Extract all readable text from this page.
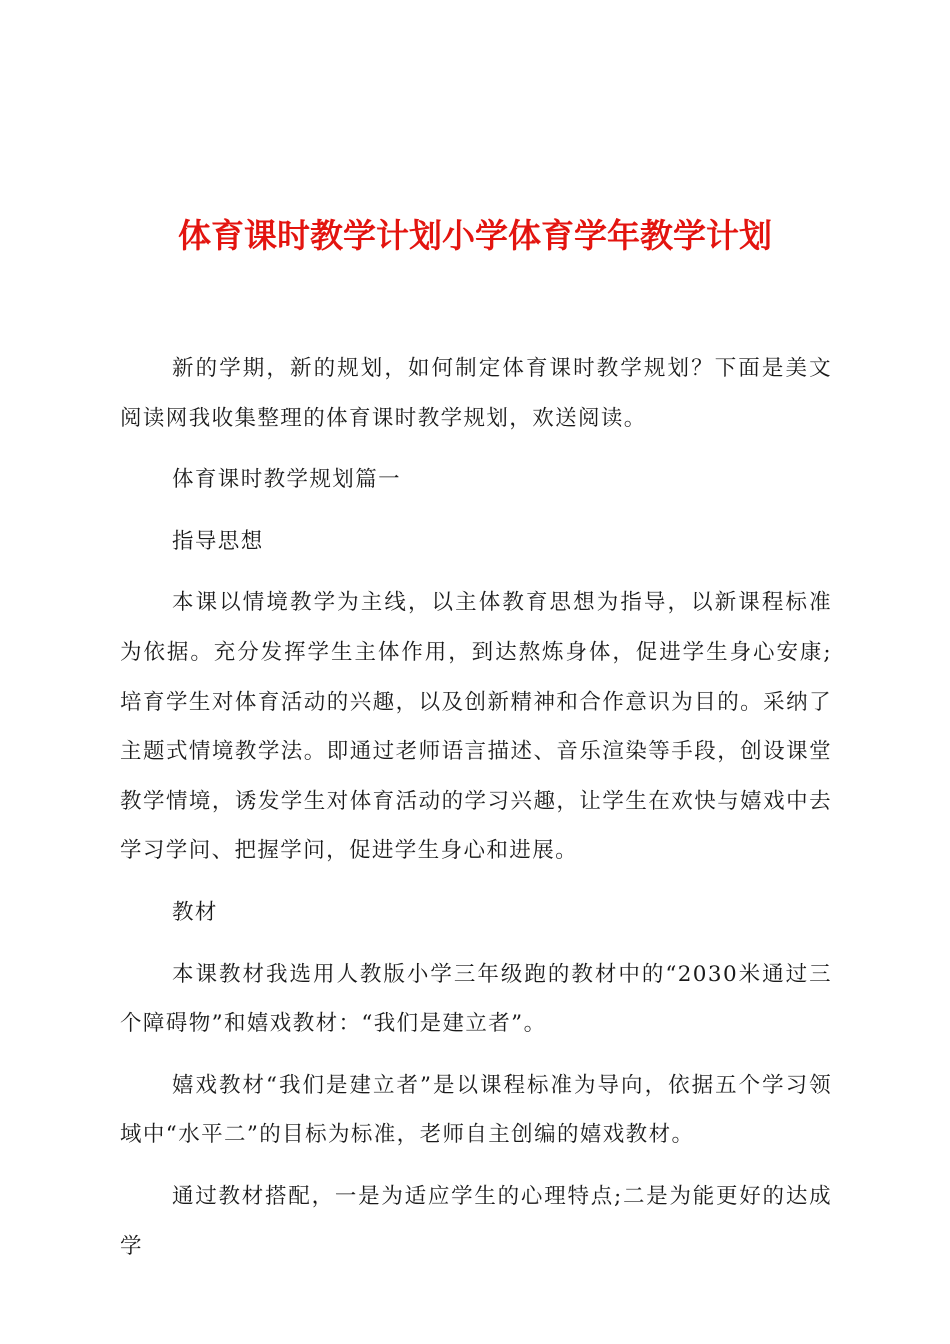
体育课时教学计划小学体育学年教学计划

新的学期，新的规划，如何制定体育课时教学规划？下面是美文阅读网我收集整理的体育课时教学规划，欢送阅读。

体育课时教学规划篇一

指导思想

本课以情境教学为主线，以主体教育思想为指导，以新课程标准为依据。充分发挥学生主体作用，到达熬炼身体，促进学生身心安康;培育学生对体育活动的兴趣，以及创新精神和合作意识为目的。采纳了主题式情境教学法。即通过老师语言描述、音乐渲染等手段，创设课堂教学情境，诱发学生对体育活动的学习兴趣，让学生在欢快与嬉戏中去学习学问、把握学问，促进学生身心和进展。

教材

本课教材我选用人教版小学三年级跑的教材中的“2030米通过三个障碍物”和嬉戏教材：“我们是建立者”。

嬉戏教材“我们是建立者”是以课程标准为导向，依据五个学习领域中“水平二”的目标为标准，老师自主创编的嬉戏教材。

通过教材搭配，一是为适应学生的心理特点;二是为能更好的达成学
